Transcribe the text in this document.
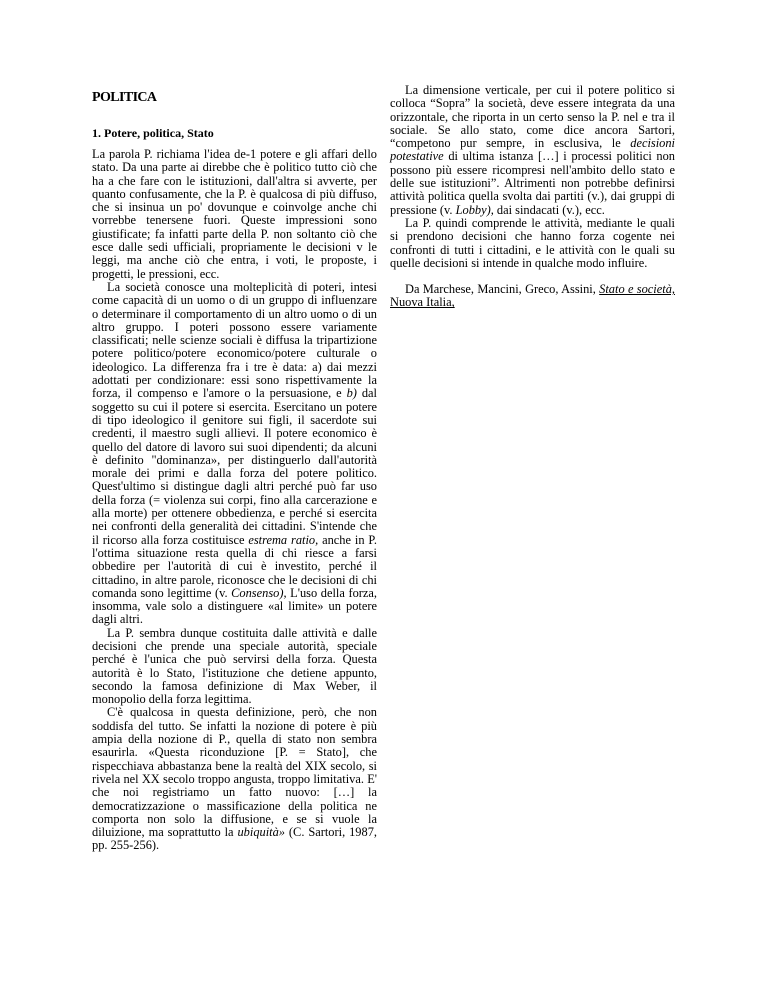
POLITICA
1. Potere, politica, Stato

La parola P. richiama l'idea de-1 potere e gli affari dello stato. Da una parte ai direbbe che è politico tutto ciò che ha a che fare con le istituzioni, dall'altra si avverte, per quanto confusamente, che la P. è qualcosa di più diffuso, che si insinua un po' dovunque e coinvolge anche chi vorrebbe tenersene fuori. Queste impressioni sono giustificate; fa infatti parte della P. non soltanto ciò che esce dalle sedi ufficiali, propriamente le decisioni v le leggi, ma anche ciò che entra, i voti, le proposte, i progetti, le pressioni, ecc.

La società conosce una molteplicità di poteri, intesi come capacità di un uomo o di un gruppo di influenzare o determinare il comportamento di un altro uomo o di un altro gruppo. I poteri possono essere variamente classificati; nelle scienze sociali è diffusa la tripartizione potere politico/potere economico/potere culturale o ideologico. La differenza fra i tre è data: a) dai mezzi adottati per condizionare: essi sono rispettivamente la forza, il compenso e l'amore o la persuasione, e b) dal soggetto su cui il potere si esercita. Esercitano un potere di tipo ideologico il genitore sui figli, il sacerdote sui credenti, il maestro sugli allievi. Il potere economico è quello del datore di lavoro sui suoi dipendenti; da alcuni è definito "dominanza», per distinguerlo dall'autorità morale dei primi e dalla forza del potere politico. Quest'ultimo si distingue dagli altri perché può far uso della forza (= violenza sui corpi, fino alla carcerazione e alla morte) per ottenere obbedienza, e perché si esercita nei confronti della generalità dei cittadini. S'intende che il ricorso alla forza costituisce estrema ratio, anche in P. l'ottima situazione resta quella di chi riesce a farsi obbedire per l'autorità di cui è investito, perché il cittadino, in altre parole, riconosce che le decisioni di chi comanda sono legittime (v. Consenso), L'uso della forza, insomma, vale solo a distinguere «al limite» un potere dagli altri.

La P. sembra dunque costituita dalle attività e dalle decisioni che prende una speciale autorità, speciale perché è l'unica che può servirsi della forza. Questa autorità è lo Stato, l'istituzione che detiene appunto, secondo la famosa definizione di Max Weber, il monopolio della forza legittima.

C'è qualcosa in questa definizione, però, che non soddisfa del tutto. Se infatti la nozione di potere è più ampia della nozione di P., quella di stato non sembra esaurirla. «Questa riconduzione [P. = Stato], che rispecchiava abbastanza bene la realtà del XIX secolo, si rivela nel XX secolo troppo angusta, troppo limitativa. E' che noi registriamo un fatto nuovo: […] la democratizzazione o massificazione della politica ne comporta non solo la diffusione, e se si vuole la diluizione, ma soprattutto la ubiquità» (C. Sartori, 1987, pp. 255-256).

La dimensione verticale, per cui il potere politico si colloca “Sopra” la società, deve essere integrata da una orizzontale, che riporta in un certo senso la P. nel e tra il sociale. Se allo stato, come dice ancora Sartori, “competono pur sempre, in esclusiva, le decisioni potestative di ultima istanza […] i processi politici non possono più essere ricompresi nell'ambito dello stato e delle sue istituzioni”. Altrimenti non potrebbe definirsi attività politica quella svolta dai partiti (v.), dai gruppi di pressione (v. Lobby), dai sindacati (v.), ecc.

La P. quindi comprende le attività, mediante le quali si prendono decisioni che hanno forza cogente nei confronti di tutti i cittadini, e le attività con le quali su quelle decisioni si intende in qualche modo influire.

Da Marchese, Mancini, Greco, Assini, Stato e società, Nuova Italia,
